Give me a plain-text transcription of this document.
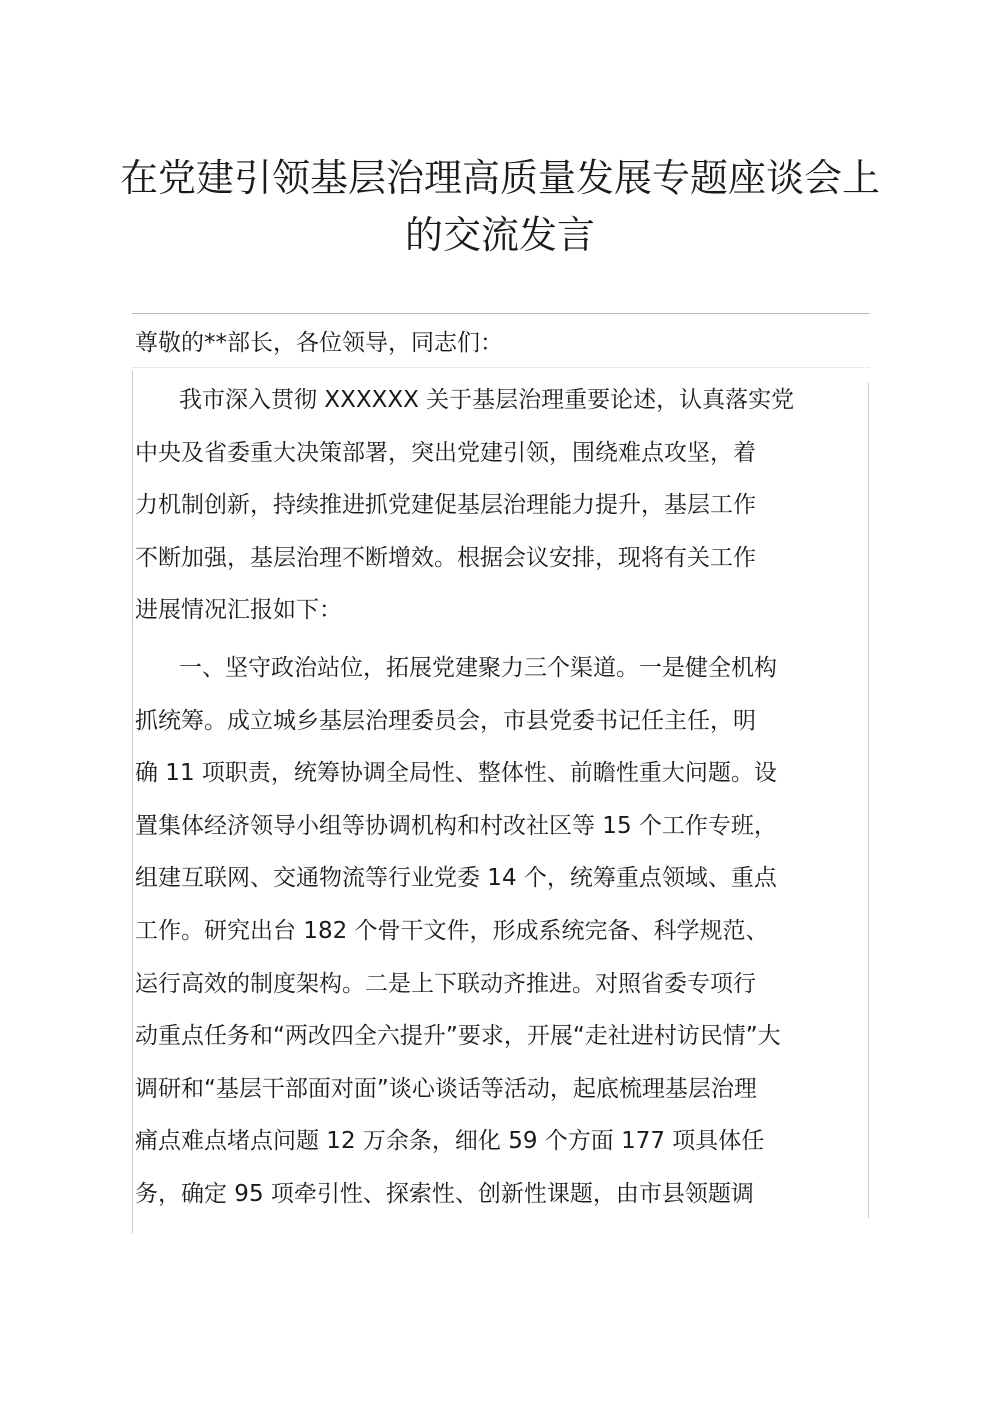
在党建引领基层治理高质量发展专题座谈会上
的交流发言
尊敬的**部长，各位领导，同志们：
我市深入贯彻 XXXXXX 关于基层治理重要论述，认真落实党
中央及省委重大决策部署，突出党建引领，围绕难点攻坚，着
力机制创新，持续推进抓党建促基层治理能力提升，基层工作
不断加强，基层治理不断增效。根据会议安排，现将有关工作
进展情况汇报如下：
一、坚守政治站位，拓展党建聚力三个渠道。一是健全机构
抓统筹。成立城乡基层治理委员会，市县党委书记任主任，明
确 11 项职责，统筹协调全局性、整体性、前瞻性重大问题。设
置集体经济领导小组等协调机构和村改社区等 15 个工作专班，
组建互联网、交通物流等行业党委 14 个，统筹重点领域、重点
工作。研究出台 182 个骨干文件，形成系统完备、科学规范、
运行高效的制度架构。二是上下联动齐推进。对照省委专项行
动重点任务和“两改四全六提升”要求，开展“走社进村访民情”大
调研和“基层干部面对面”谈心谈话等活动，起底梳理基层治理
痛点难点堵点问题 12 万余条，细化 59 个方面 177 项具体任
务，确定 95 项牵引性、探索性、创新性课题，由市县领题调
